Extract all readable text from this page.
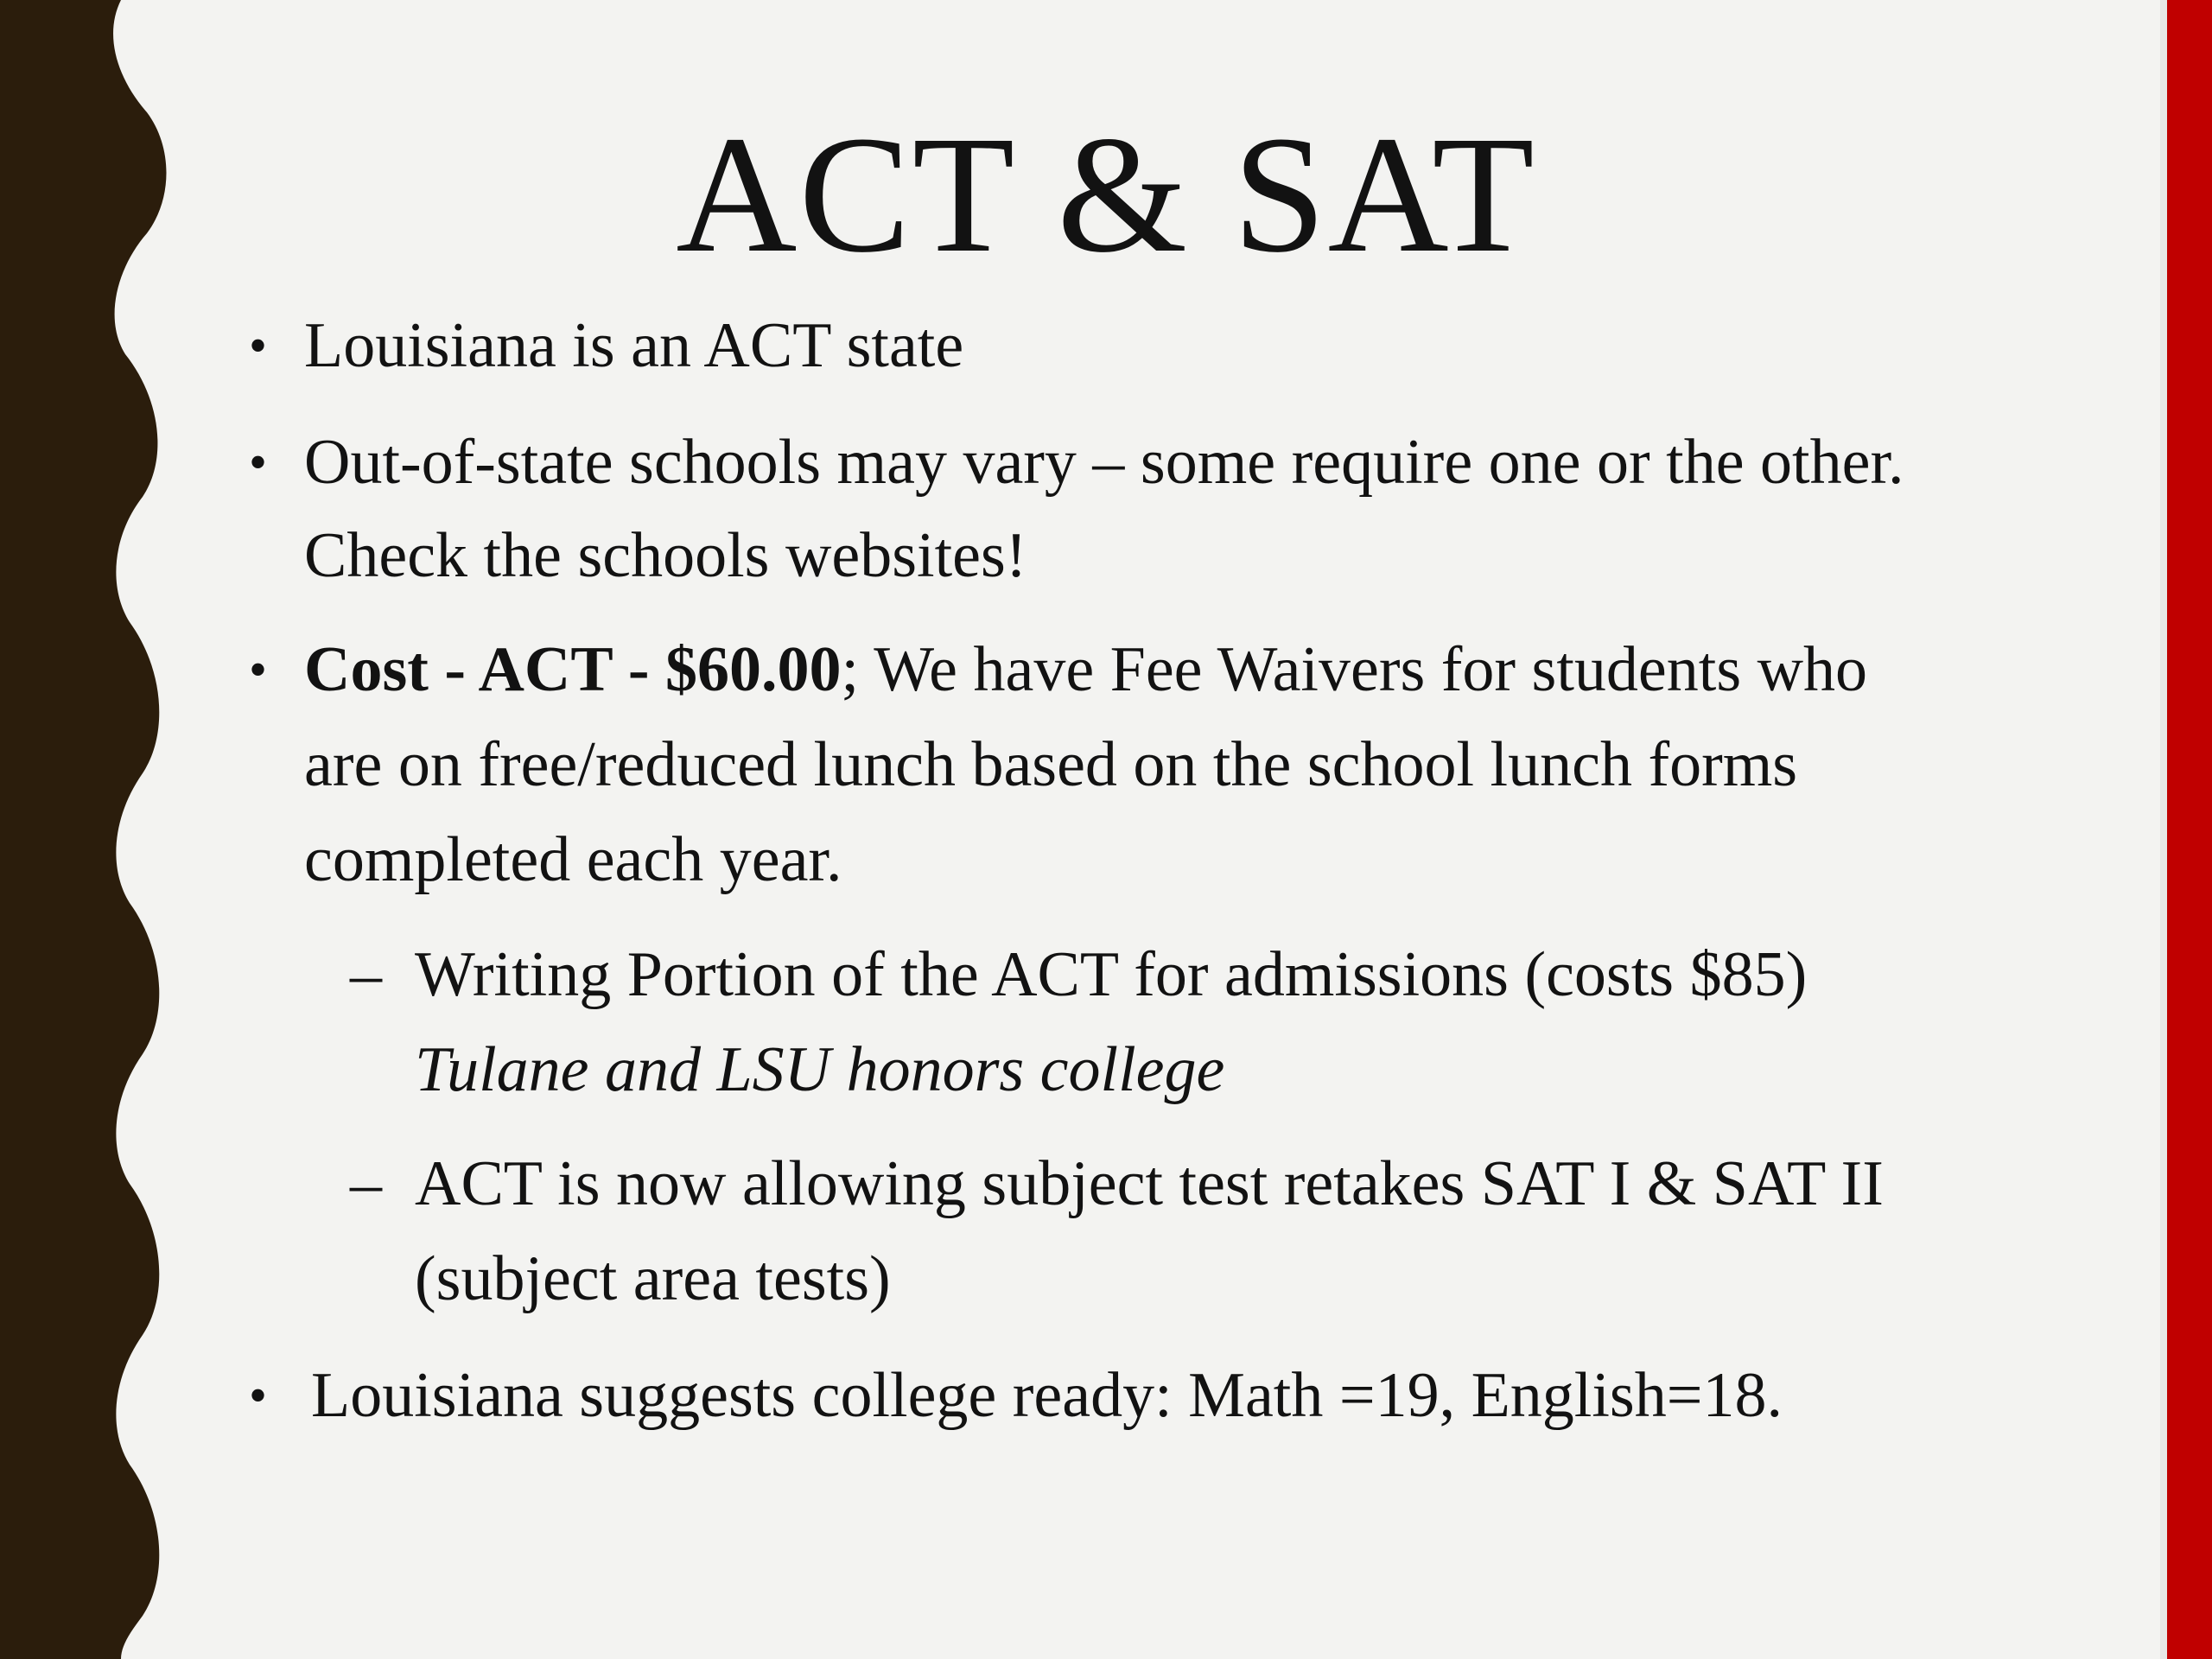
ACT & SAT
• Louisiana is an ACT state

• Out-of-state schools may vary – some require one or the other.

Check the schools websites!

• Cost - ACT - $60.00; We have Fee Waivers for students who

are on free/reduced lunch based on the school lunch forms

completed each year.

– Writing Portion of the ACT for admissions (costs $85)

Tulane and LSU honors college

– ACT is now allowing subject test retakes SAT I & SAT II

(subject area tests)

• Louisiana suggests college ready: Math =19, English=18.
